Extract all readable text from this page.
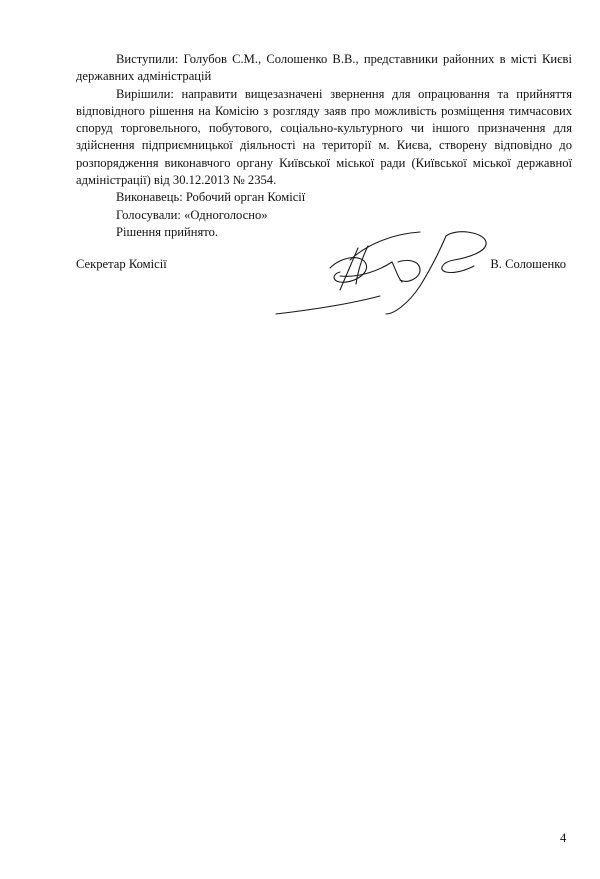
Виступили: Голубов С.М., Солошенко В.В., представники районних в місті Києві державних адміністрацій

Вирішили: направити вищезазначені звернення для опрацювання та прийняття відповідного рішення на Комісію з розгляду заяв про можливість розміщення тимчасових споруд торговельного, побутового, соціально-культурного чи іншого призначення для здійснення підприємницької діяльності на території м. Києва, створену відповідно до розпорядження виконавчого органу Київської міської ради (Київської міської державної адміністрації) від 30.12.2013 № 2354.

Виконавець: Робочий орган Комісії

Голосували: «Одноголосно»

Рішення прийнято.

Секретар Комісії	В. Солошенко
4
